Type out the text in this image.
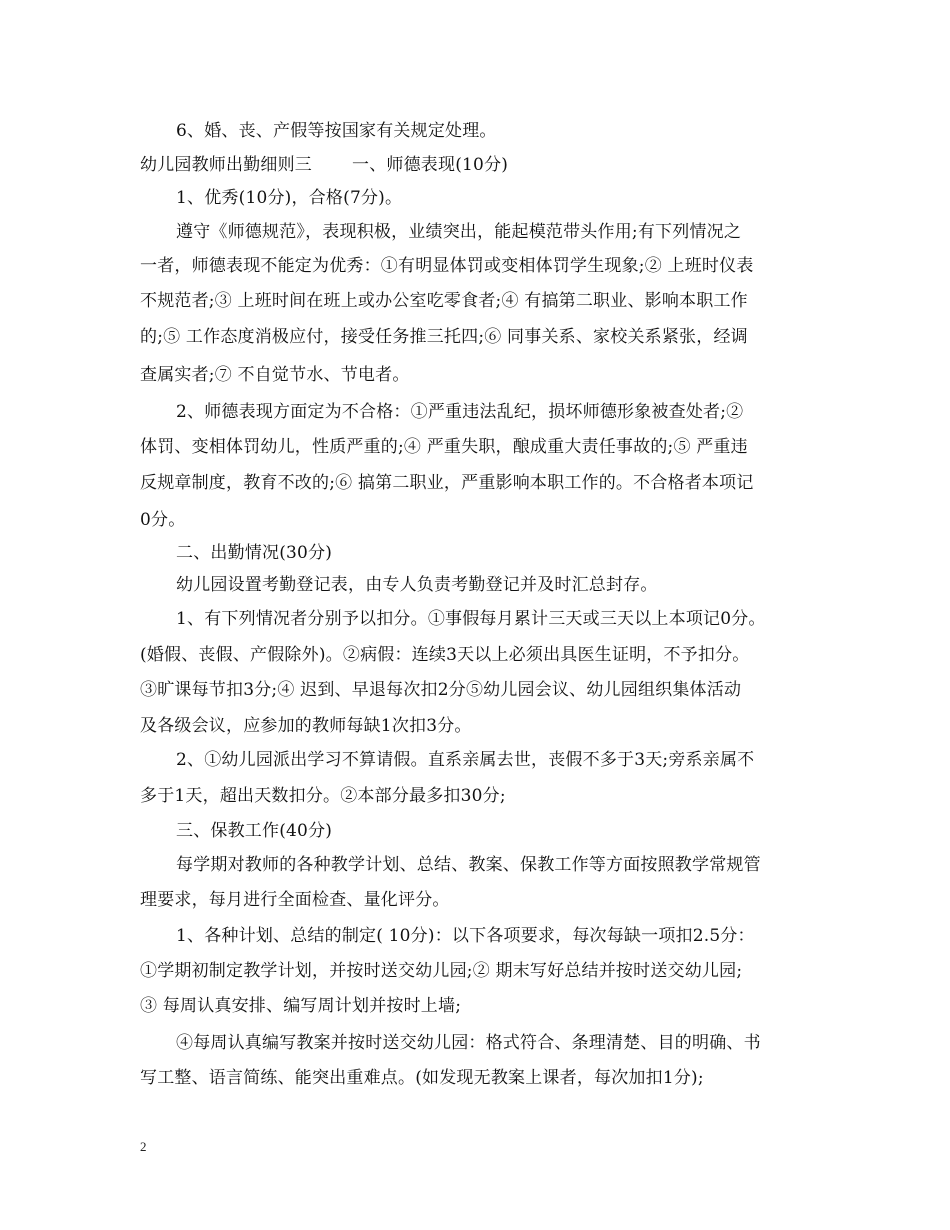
6、婚、丧、产假等按国家有关规定处理。
幼儿园教师出勤细则三　　 一、师德表现(10分)
1、优秀(10分)，合格(7分)。
遵守《师德规范》，表现积极，业绩突出，能起模范带头作用;有下列情况之
一者，师德表现不能定为优秀：①有明显体罚或变相体罚学生现象;② 上班时仪表
不规范者;③ 上班时间在班上或办公室吃零食者;④ 有搞第二职业、影响本职工作
的;⑤ 工作态度消极应付，接受任务推三托四;⑥ 同事关系、家校关系紧张，经调
查属实者;⑦ 不自觉节水、节电者。
2、师德表现方面定为不合格：①严重违法乱纪，损坏师德形象被查处者;②
体罚、变相体罚幼儿，性质严重的;④ 严重失职，酿成重大责任事故的;⑤ 严重违
反规章制度，教育不改的;⑥ 搞第二职业，严重影响本职工作的。不合格者本项记
0分。
二、出勤情况(30分)
幼儿园设置考勤登记表，由专人负责考勤登记并及时汇总封存。
1、有下列情况者分别予以扣分。①事假每月累计三天或三天以上本项记0分。
(婚假、丧假、产假除外)。②病假：连续3天以上必须出具医生证明，不予扣分。
③旷课每节扣3分;④ 迟到、早退每次扣2分⑤幼儿园会议、幼儿园组织集体活动
及各级会议，应参加的教师每缺1次扣3分。
2、①幼儿园派出学习不算请假。直系亲属去世，丧假不多于3天;旁系亲属不
多于1天，超出天数扣分。②本部分最多扣30分;
三、保教工作(40分)
每学期对教师的各种教学计划、总结、教案、保教工作等方面按照教学常规管
理要求，每月进行全面检查、量化评分。
1、各种计划、总结的制定( 10分)：以下各项要求，每次每缺一项扣2.5分：
①学期初制定教学计划，并按时送交幼儿园;② 期末写好总结并按时送交幼儿园;
③ 每周认真安排、编写周计划并按时上墙;
④每周认真编写教案并按时送交幼儿园：格式符合、条理清楚、目的明确、书
写工整、语言简练、能突出重难点。(如发现无教案上课者，每次加扣1分);
2
